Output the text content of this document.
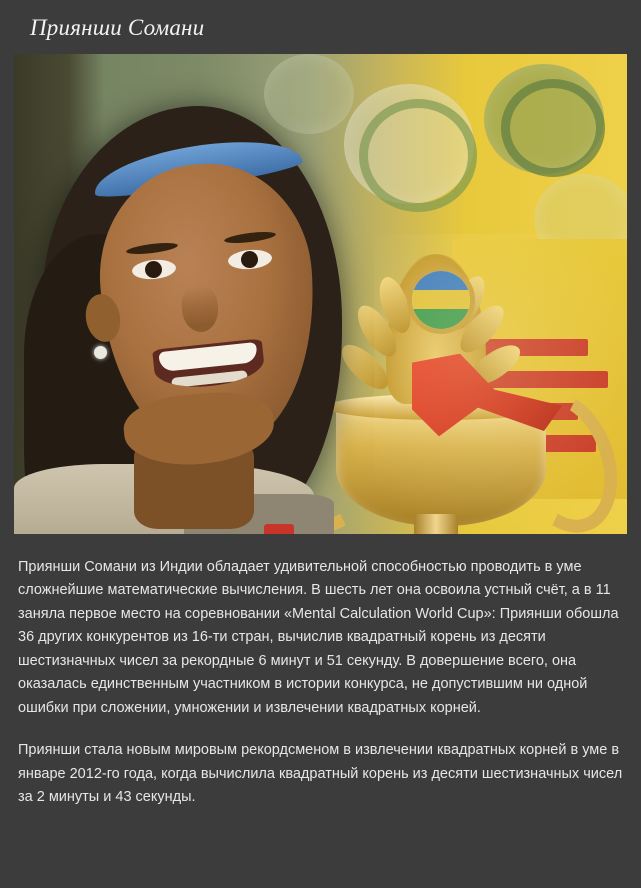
Приянши Сомани

Приянши Сомани из Индии обладает удивительной способностью проводить в уме сложнейшие математические вычисления. В шесть лет она освоила устный счёт, а в 11 заняла первое место на соревновании «Mental Calculation World Cup»: Приянши обошла 36 других конкурентов из 16-ти стран, вычислив квадратный корень из десяти шестизначных чисел за рекордные 6 минут и 51 секунду. В довершение всего, она оказалась единственным участником в истории конкурса, не допустившим ни одной ошибки при сложении, умножении и извлечении квадратных корней.

Приянши стала новым мировым рекордсменом в извлечении квадратных корней в уме в январе 2012-го года, когда вычислила квадратный корень из десяти шестизначных чисел за 2 минуты и 43 секунды.
